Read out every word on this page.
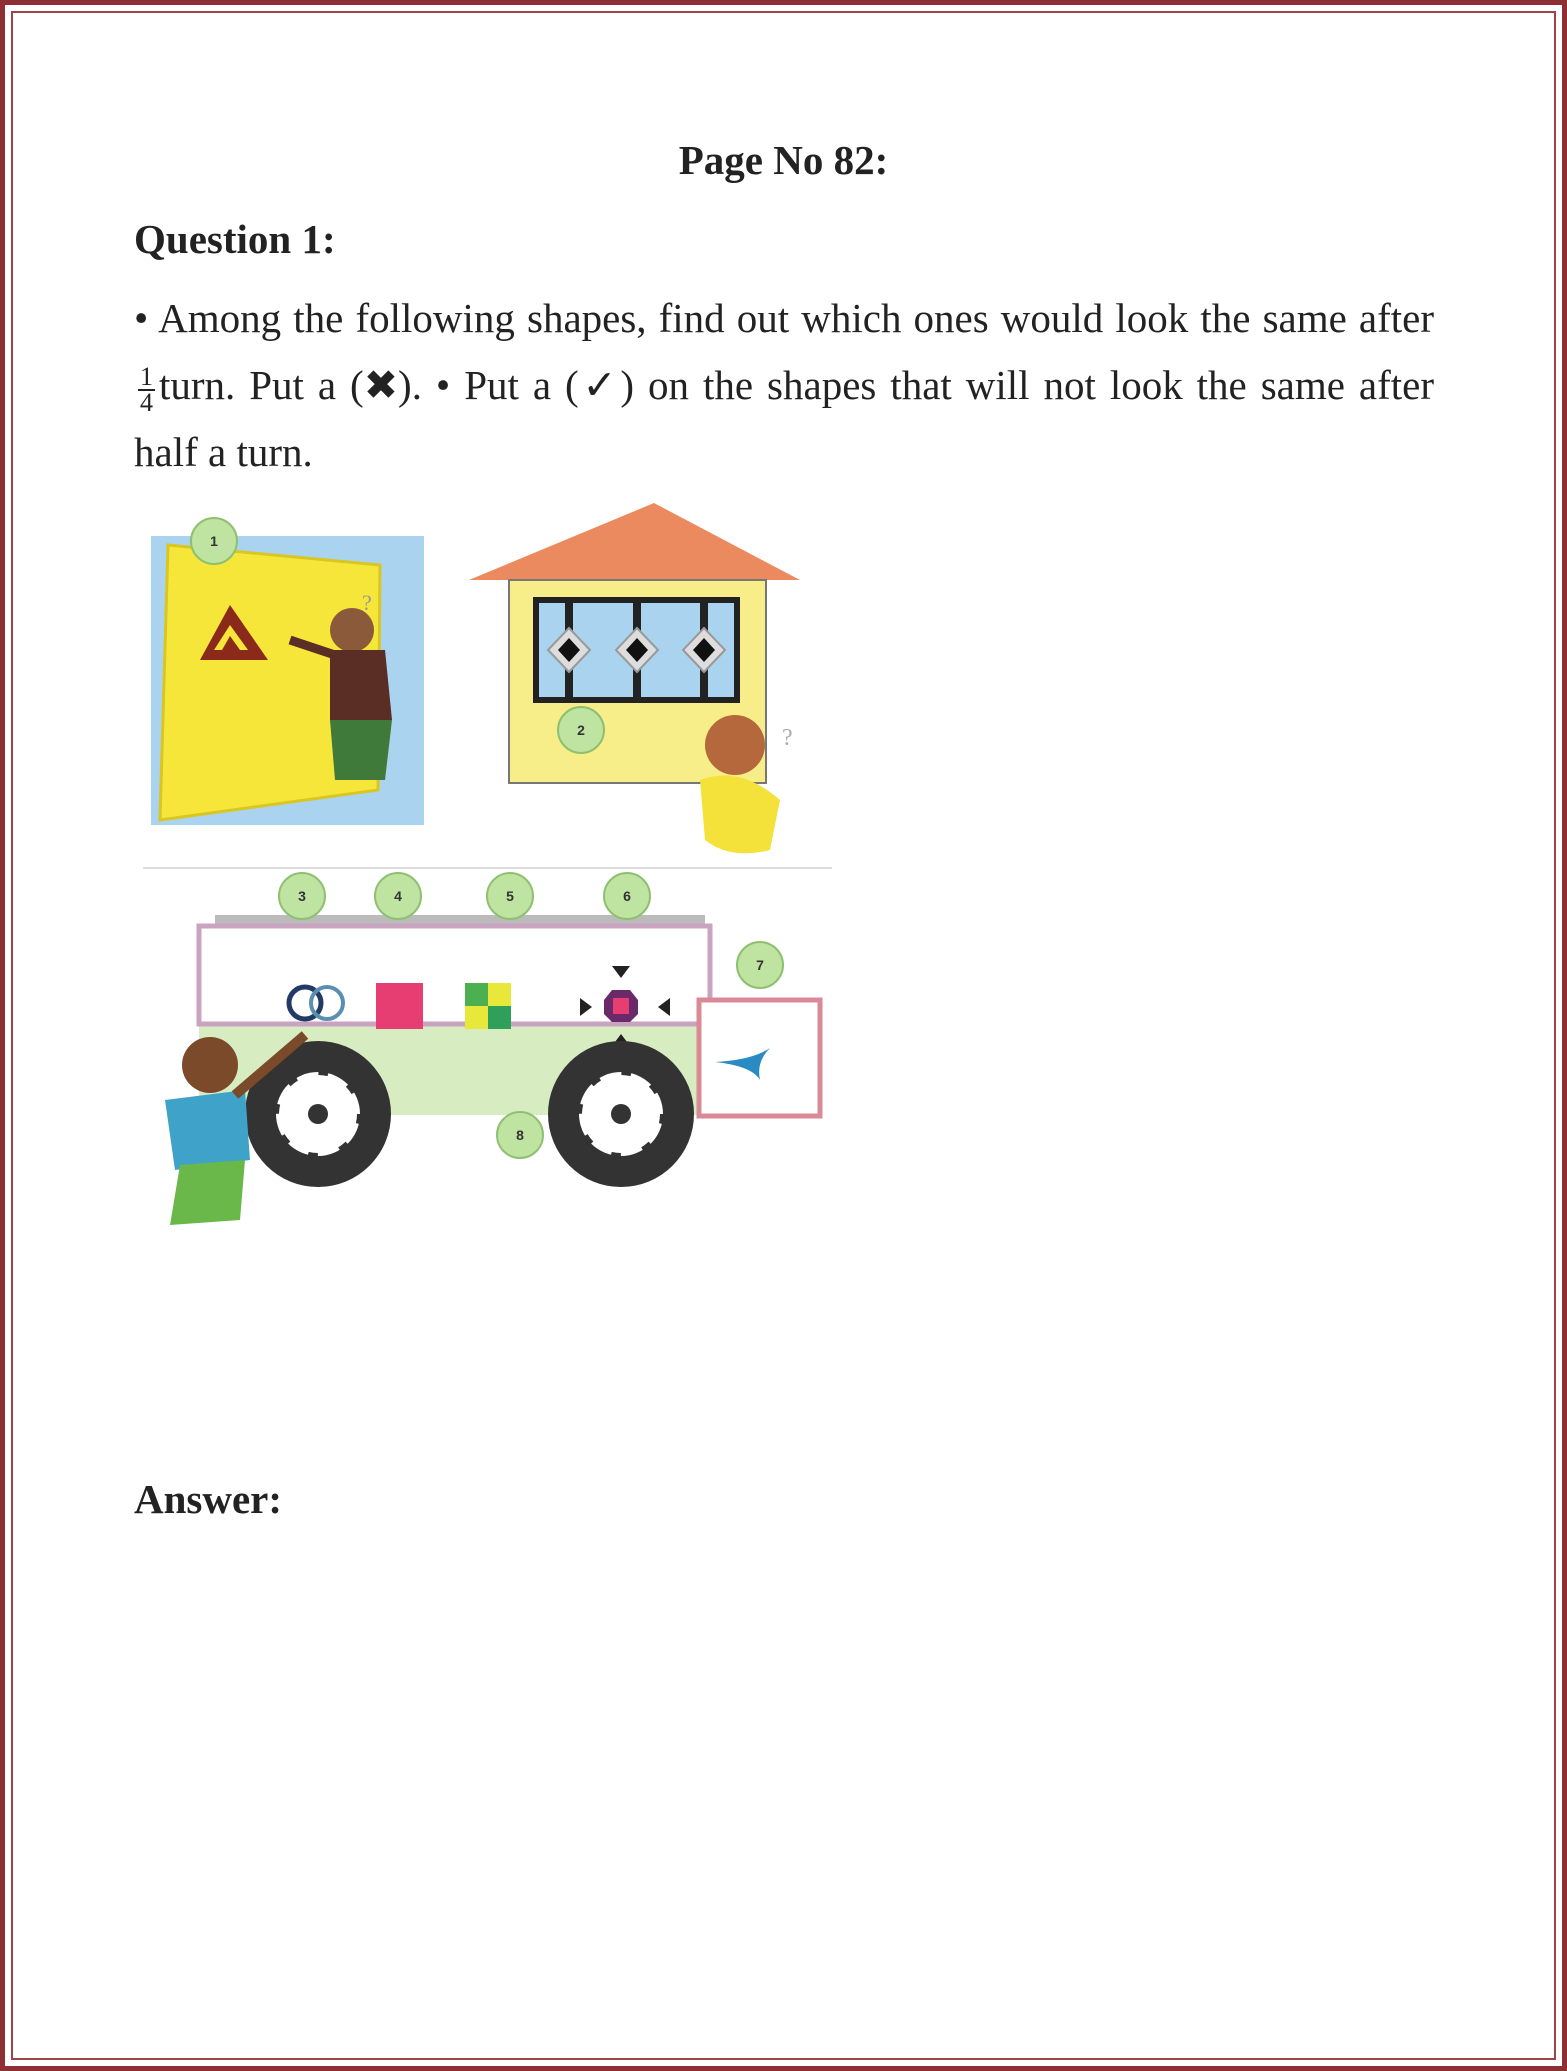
Page No 82:
Question 1:
• Among the following shapes, find out which ones would look the same after
$\frac{1}{4}$ turn. Put a (✖). • Put a (✓) on the shapes that will not look the same after half a turn.
?
?
1
2
3	4	5	6
7
8
Answer:
